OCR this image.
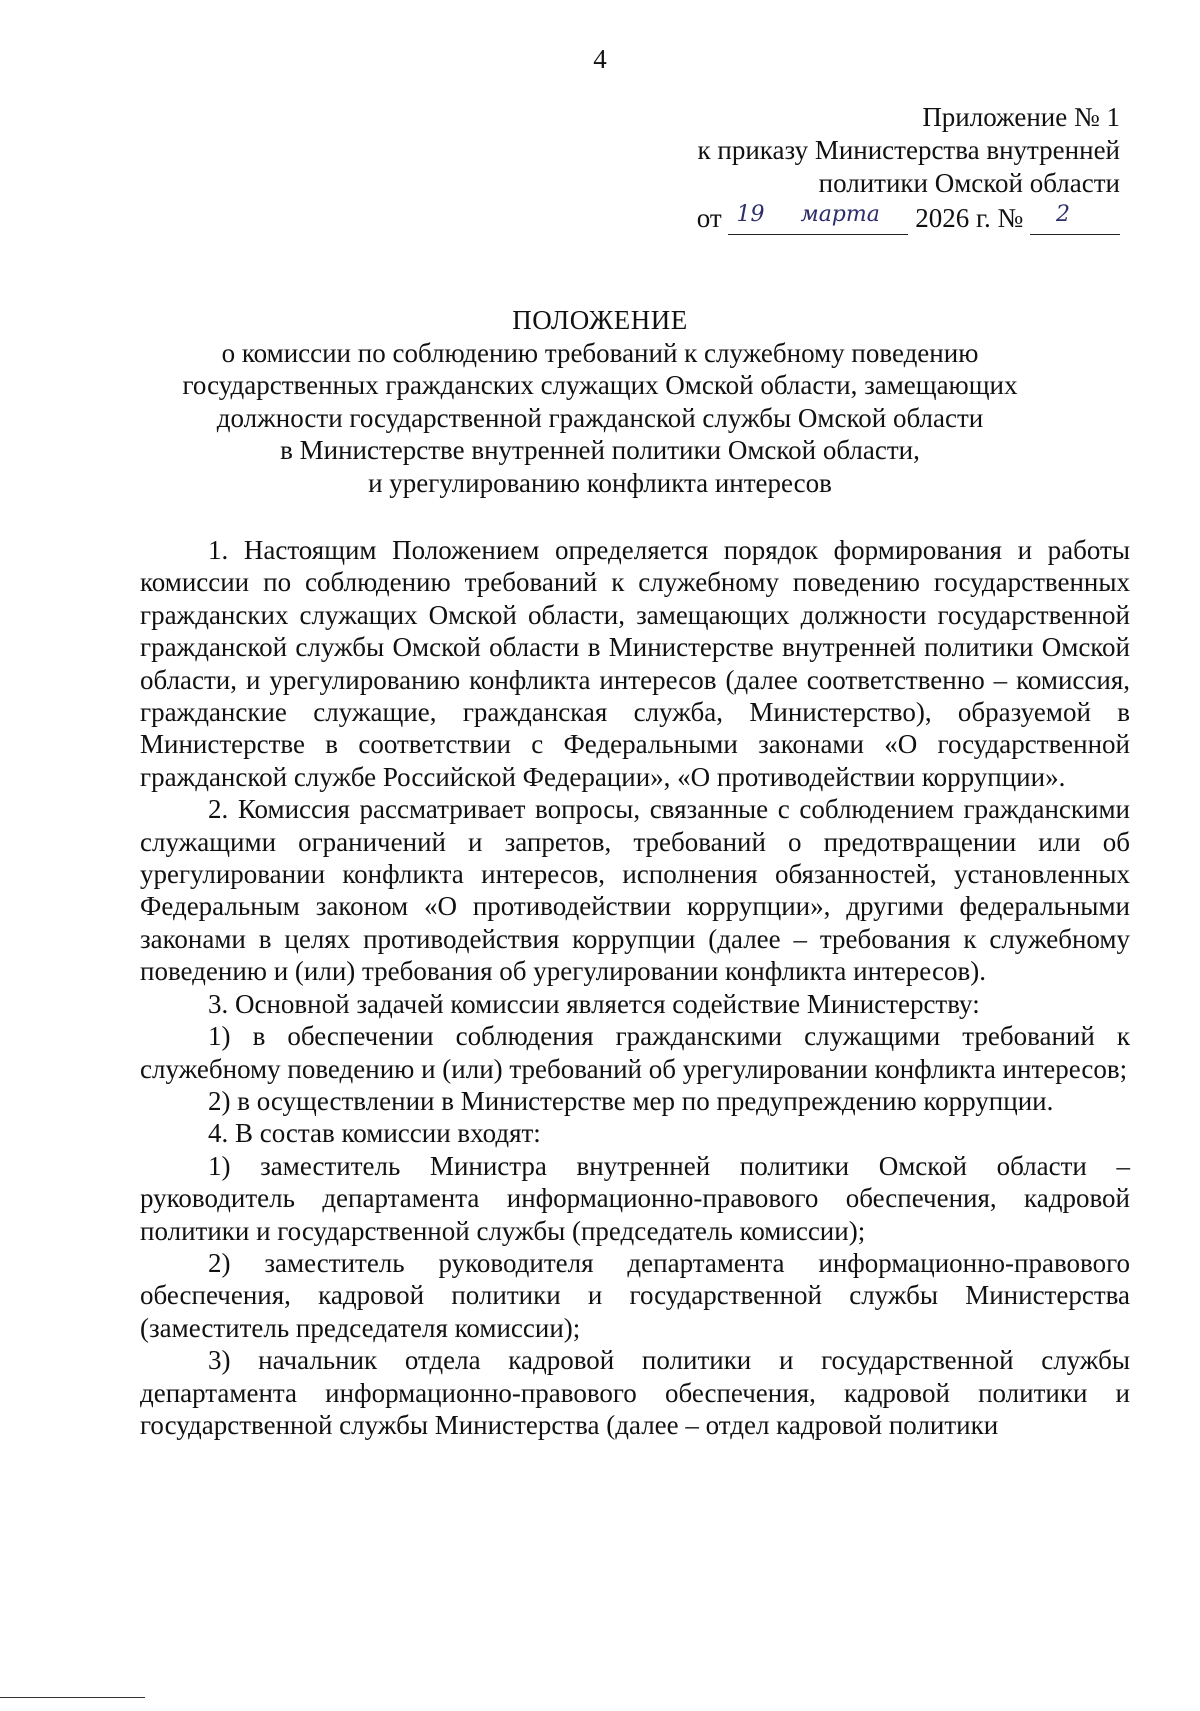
4
Приложение № 1
к приказу Министерства внутренней
политики Омской области
от 19 марта 2026 г. № 2
ПОЛОЖЕНИЕ
о комиссии по соблюдению требований к служебному поведению
государственных гражданских служащих Омской области, замещающих
должности государственной гражданской службы Омской области
в Министерстве внутренней политики Омской области,
и урегулированию конфликта интересов

1. Настоящим Положением определяется порядок формирования и работы комиссии по соблюдению требований к служебному поведению государственных гражданских служащих Омской области, замещающих должности государственной гражданской службы Омской области в Министерстве внутренней политики Омской области, и урегулированию конфликта интересов (далее соответственно – комиссия, гражданские служащие, гражданская служба, Министерство), образуемой в Министерстве в соответствии с Федеральными законами «О государственной гражданской службе Российской Федерации», «О противодействии коррупции».

2. Комиссия рассматривает вопросы, связанные с соблюдением гражданскими служащими ограничений и запретов, требований о предотвращении или об урегулировании конфликта интересов, исполнения обязанностей, установленных Федеральным законом «О противодействии коррупции», другими федеральными законами в целях противодействия коррупции (далее – требования к служебному поведению и (или) требования об урегулировании конфликта интересов).

3. Основной задачей комиссии является содействие Министерству:

1) в обеспечении соблюдения гражданскими служащими требований к служебному поведению и (или) требований об урегулировании конфликта интересов;

2) в осуществлении в Министерстве мер по предупреждению коррупции.

4. В состав комиссии входят:

1) заместитель Министра внутренней политики Омской области – руководитель департамента информационно-правового обеспечения, кадровой политики и государственной службы (председатель комиссии);

2) заместитель руководителя департамента информационно-правового обеспечения, кадровой политики и государственной службы Министерства (заместитель председателя комиссии);

3) начальник отдела кадровой политики и государственной службы департамента информационно-правового обеспечения, кадровой политики и государственной службы Министерства (далее – отдел кадровой политики
